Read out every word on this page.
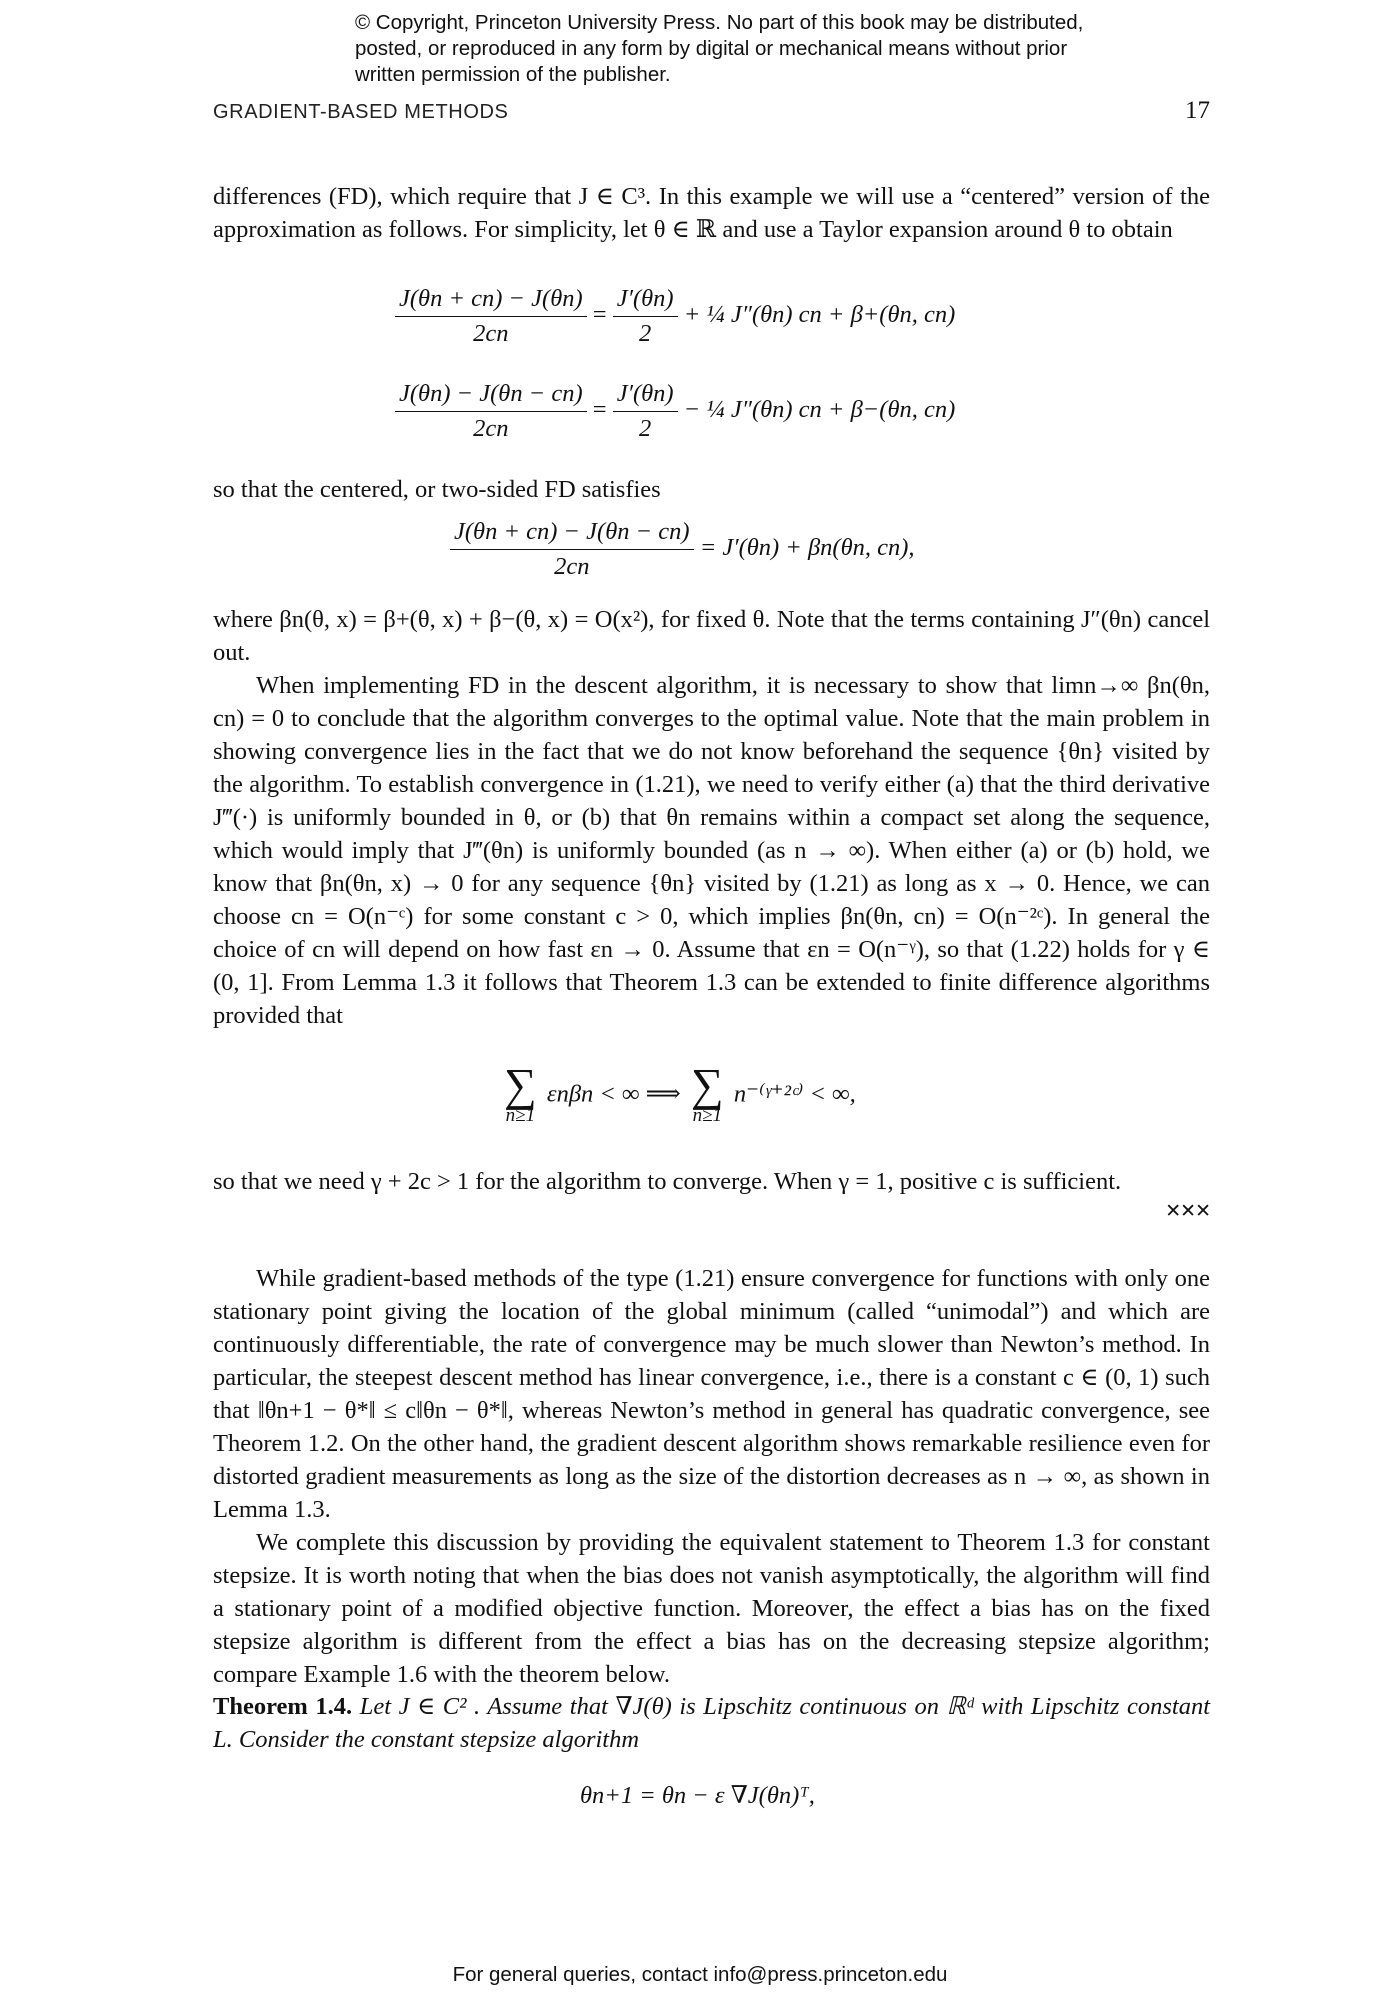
© Copyright, Princeton University Press. No part of this book may be distributed, posted, or reproduced in any form by digital or mechanical means without prior written permission of the publisher.
GRADIENT-BASED METHODS	17
differences (FD), which require that J ∈ C³. In this example we will use a “centered” version of the approximation as follows. For simplicity, let θ ∈ ℝ and use a Taylor expansion around θ to obtain
$\frac{J(\theta n + cn) - J(\theta n)}{2cn} = \frac{J'(\theta n)}{2}$ + ¼ J″(θn) cn + β+(θn, cn)
$\frac{J(\theta n) - J(\theta n - cn)}{2cn} = \frac{J'(\theta n)}{2}$ − ¼ J″(θn) cn + β−(θn, cn)
so that the centered, or two-sided FD satisfies
$\frac{J(\theta n + cn) - J(\theta n - cn)}{2cn} = J'(\theta n) + \beta n(\theta n$, cn),
where βn(θ, x) = β+(θ, x) + β−(θ, x) = O(x²), for fixed θ. Note that the terms containing J″(θn) cancel out.
When implementing FD in the descent algorithm, it is necessary to show that limn→∞ βn(θn, cn) = 0 to conclude that the algorithm converges to the optimal value. Note that the main problem in showing convergence lies in the fact that we do not know beforehand the sequence {θn} visited by the algorithm. To establish convergence in (1.21), we need to verify either (a) that the third derivative J‴(·) is uniformly bounded in θ, or (b) that θn remains within a compact set along the sequence, which would imply that J‴(θn) is uniformly bounded (as n → ∞). When either (a) or (b) hold, we know that βn(θn, x) → 0 for any sequence {θn} visited by (1.21) as long as x → 0. Hence, we can choose cn = O(n⁻ᶜ) for some constant c > 0, which implies βn(θn, cn) = O(n⁻²ᶜ). In general the choice of cn will depend on how fast εn → 0. Assume that εn = O(n⁻ᵞ), so that (1.22) holds for γ ∈ (0, 1]. From Lemma 1.3 it follows that Theorem 1.3 can be extended to finite difference algorithms provided that
∑
n≥1
εnβn < ∞ ⟹ ∑
n≥1
n⁻⁽ᵞ⁺²ᶜ⁾ < ∞,
so that we need γ + 2c > 1 for the algorithm to converge. When γ = 1, positive c is sufficient.
✕✕✕
While gradient-based methods of the type (1.21) ensure convergence for functions with only one stationary point giving the location of the global minimum (called “unimodal”) and which are continuously differentiable, the rate of convergence may be much slower than Newton’s method. In particular, the steepest descent method has linear convergence, i.e., there is a constant c ∈ (0, 1) such that ‖θn+1 − θ*‖ ≤ c‖θn − θ*‖, whereas Newton’s method in general has quadratic convergence, see Theorem 1.2. On the other hand, the gradient descent algorithm shows remarkable resilience even for distorted gradient measurements as long as the size of the distortion decreases as n → ∞, as shown in Lemma 1.3.
We complete this discussion by providing the equivalent statement to Theorem 1.3 for constant stepsize. It is worth noting that when the bias does not vanish asymptotically, the algorithm will find a stationary point of a modified objective function. Moreover, the effect a bias has on the fixed stepsize algorithm is different from the effect a bias has on the decreasing stepsize algorithm; compare Example 1.6 with the theorem below.
Theorem 1.4. Let J ∈ C² . Assume that ∇J(θ) is Lipschitz continuous on ℝᵈ with Lipschitz constant L. Consider the constant stepsize algorithm
θn+1 = θn − ε ∇J(θn)ᵀ,
For general queries, contact info@press.princeton.edu
